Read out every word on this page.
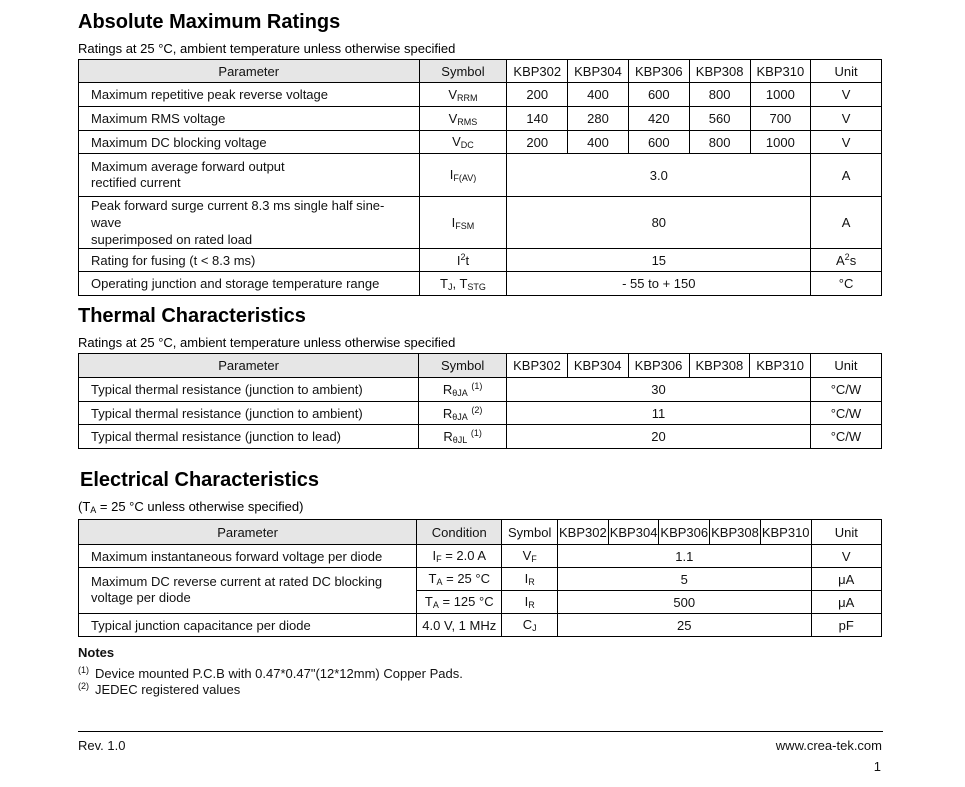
Absolute Maximum Ratings
Ratings at 25 °C, ambient temperature unless otherwise specified
Parameter	Symbol	KBP302	KBP304	KBP306	KBP308	KBP310	Unit
Maximum repetitive peak reverse voltage	$V_{RRM}$	200	400	600	800	1000	V
Maximum RMS voltage	$V_{RMS}$	140	280	420	560	700	V
Maximum DC blocking voltage	$V_{DC}$	200	400	600	800	1000	V

Maximum average forward output
rectified current	$I_{F(AV)}$	3.0					A

Peak forward surge current 8.3 ms single half sine-wave
superimposed on rated load	$I_{FSM}$	80					A
Rating for fusing (t < 8.3 ms)	$I^2t$	15					$A^2s$
Operating junction and storage temperature range	$T_J$, $T_{STG}$	- 55 to + 150					°C
Thermal Characteristics
Ratings at 25 °C, ambient temperature unless otherwise specified
Parameter	Symbol	KBP302	KBP304	KBP306	KBP308	KBP310	Unit
Typical thermal resistance (junction to ambient)	$R_{\theta JA}$ $^{(1)}$	30					°C/W
Typical thermal resistance (junction to ambient)	$R_{\theta JA}$ $^{(2)}$	11					°C/W
Typical thermal resistance (junction to lead)	$R_{\theta JL}$ $^{(1)}$	20					°C/W
Electrical Characteristics
($T_A = 25$ °C unless otherwise specified)
Parameter	Condition	Symbol	KBP302	KBP304	KBP306	KBP308	KBP310	Unit
Maximum instantaneous forward voltage per diode	$I_F = 2.0$ A	$V_F$	1.1					V

Maximum DC reverse current at rated DC blocking
voltage per diode	$T_A = 25$ °C	$I_R$	5					μA
	$T_A = 125$ °C	$I_R$	500					μA
Typical junction capacitance per diode	4.0 V, 1 MHz	$C_J$	25					pF
Notes
$^{(1)}$ Device mounted P.C.B with 0.47*0.47"(12*12mm) Copper Pads.
$^{(2)}$ JEDEC registered values
Rev. 1.0	www.crea-tek.com
1
